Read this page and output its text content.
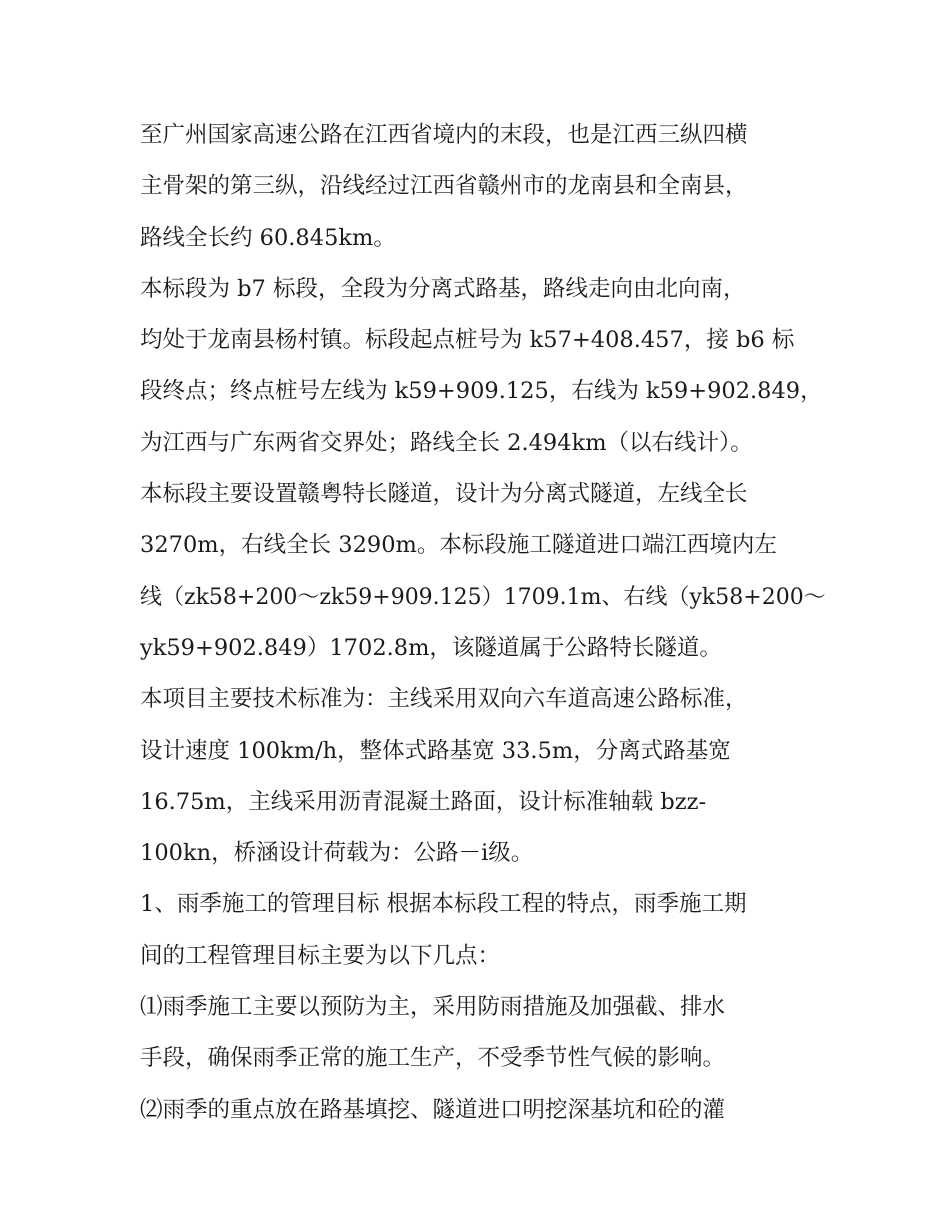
至广州国家高速公路在江西省境内的末段，也是江西三纵四横
主骨架的第三纵，沿线经过江西省赣州市的龙南县和全南县，
路线全长约 60.845km。
本标段为 b7 标段，全段为分离式路基，路线走向由北向南，
均处于龙南县杨村镇。标段起点桩号为 k57+408.457，接 b6 标
段终点；终点桩号左线为 k59+909.125，右线为 k59+902.849，
为江西与广东两省交界处；路线全长 2.494km（以右线计）。
本标段主要设置赣粤特长隧道，设计为分离式隧道，左线全长
3270m，右线全长 3290m。本标段施工隧道进口端江西境内左
线（zk58+200～zk59+909.125）1709.1m、右线（yk58+200～
yk59+902.849）1702.8m，该隧道属于公路特长隧道。
本项目主要技术标准为：主线采用双向六车道高速公路标准，
设计速度 100km/h，整体式路基宽 33.5m，分离式路基宽
16.75m，主线采用沥青混凝土路面，设计标准轴载 bzz-
100kn，桥涵设计荷载为：公路－ⅰ级。
1、雨季施工的管理目标 根据本标段工程的特点，雨季施工期
间的工程管理目标主要为以下几点：
⑴雨季施工主要以预防为主，采用防雨措施及加强截、排水
手段，确保雨季正常的施工生产，不受季节性气候的影响。
⑵雨季的重点放在路基填挖、隧道进口明挖深基坑和砼的灌
